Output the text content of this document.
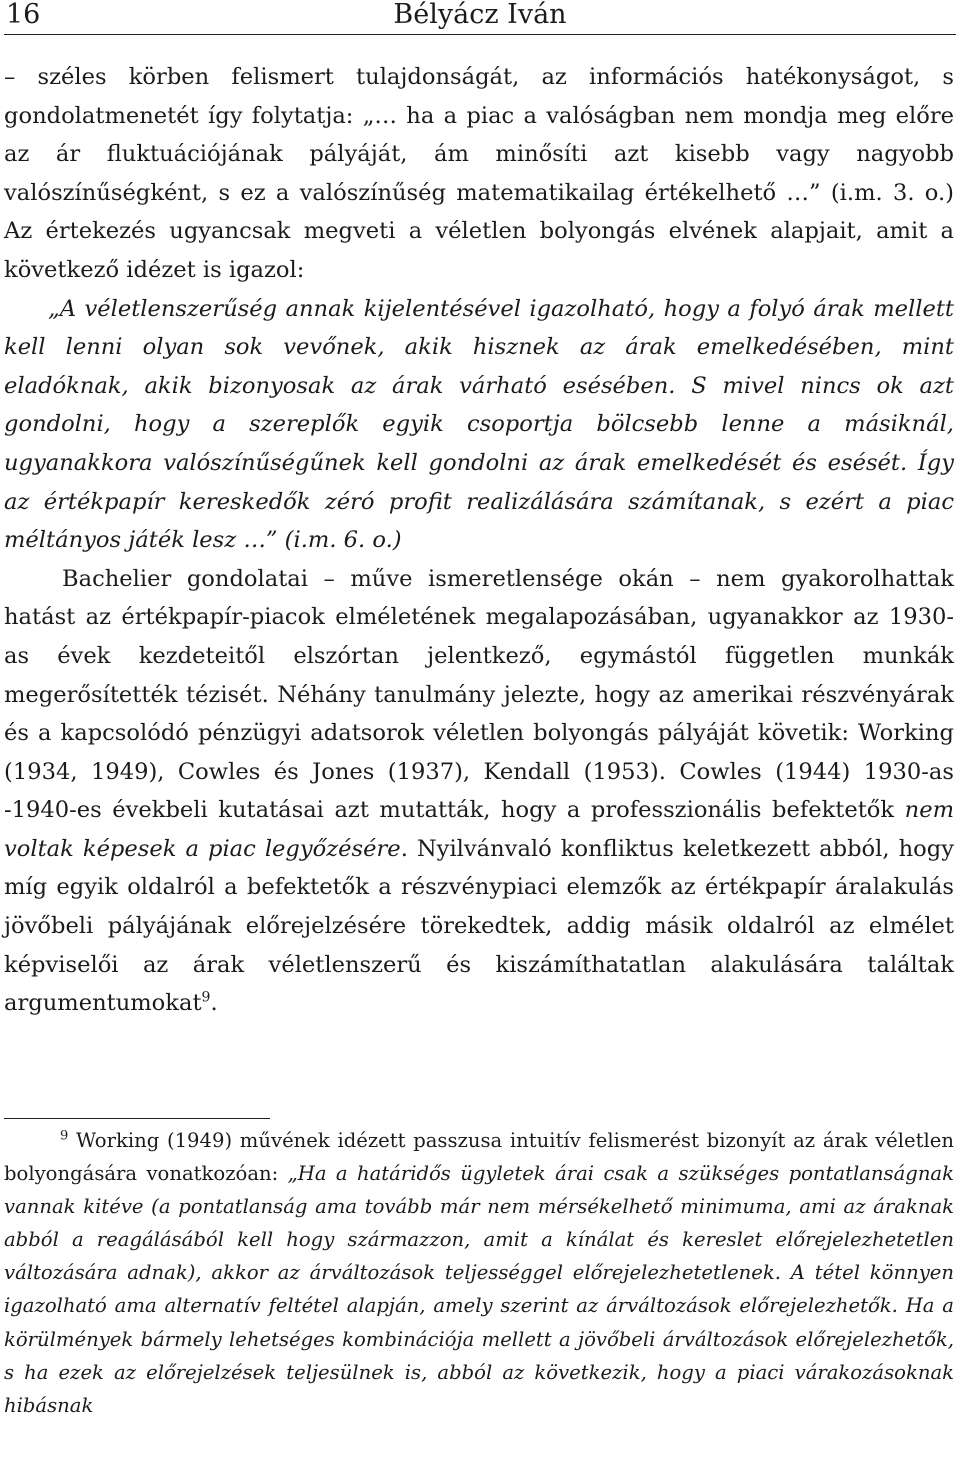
16	Bélyácz Iván

– széles körben felismert tulajdonságát, az információs hatékonyságot, s gondolatmenetét így folytatja: „… ha a piac a valóságban nem mondja meg előre az ár fluktuációjának pályáját, ám minősíti azt kisebb vagy nagyobb valószínűségként, s ez a valószínűség matematikailag értékelhető …” (i.m. 3. o.) Az értekezés ugyancsak megveti a véletlen bolyongás elvének alapjait, amit a következő idézet is igazol:

„A véletlenszerűség annak kijelentésével igazolható, hogy a folyó árak mellett kell lenni olyan sok vevőnek, akik hisznek az árak emelkedésében, mint eladóknak, akik bizonyosak az árak várható esésében. S mivel nincs ok azt gondolni, hogy a szereplők egyik csoportja bölcsebb lenne a másiknál, ugyanakkora valószínűségűnek kell gondolni az árak emelkedését és esését. Így az értékpapír kereskedők zéró profit realizálására számítanak, s ezért a piac méltányos játék lesz …” (i.m. 6. o.)

Bachelier gondolatai – műve ismeretlensége okán – nem gyakorolhattak hatást az értékpapír-piacok elméletének megalapozásában, ugyanakkor az 1930-as évek kezdeteitől elszórtan jelentkező, egymástól független munkák megerősítették tézisét. Néhány tanulmány jelezte, hogy az amerikai részvényárak és a kapcsolódó pénzügyi adatsorok véletlen bolyongás pályáját követik: Working (1934, 1949), Cowles és Jones (1937), Kendall (1953). Cowles (1944) 1930-as -1940-es évekbeli kutatásai azt mutatták, hogy a professzionális befektetők nem voltak képesek a piac legyőzésére. Nyilvánvaló konfliktus keletkezett abból, hogy míg egyik oldalról a befektetők a részvénypiaci elemzők az értékpapír áralakulás jövőbeli pályájának előrejelzésére törekedtek, addig másik oldalról az elmélet képviselői az árak véletlenszerű és kiszámíthatatlan alakulására találtak argumentumokat$^9$.

$^9$ Working (1949) művének idézett passzusa intuitív felismerést bizonyít az árak véletlen bolyongására vonatkozóan: „Ha a határidős ügyletek árai csak a szükséges pontatlanságnak vannak kitéve (a pontatlanság ama tovább már nem mérsékelhető minimuma, ami az áraknak abból a reagálásából kell hogy származzon, amit a kínálat és kereslet előrejelezhetetlen változására adnak), akkor az árváltozások teljességgel előrejelezhetetlenek. A tétel könnyen igazolható ama alternatív feltétel alapján, amely szerint az árváltozások előrejelezhetők. Ha a körülmények bármely lehetséges kombinációja mellett a jövőbeli árváltozások előrejelezhetők, s ha ezek az előrejelzések teljesülnek is, abból az következik, hogy a piaci várakozásoknak hibásnak
